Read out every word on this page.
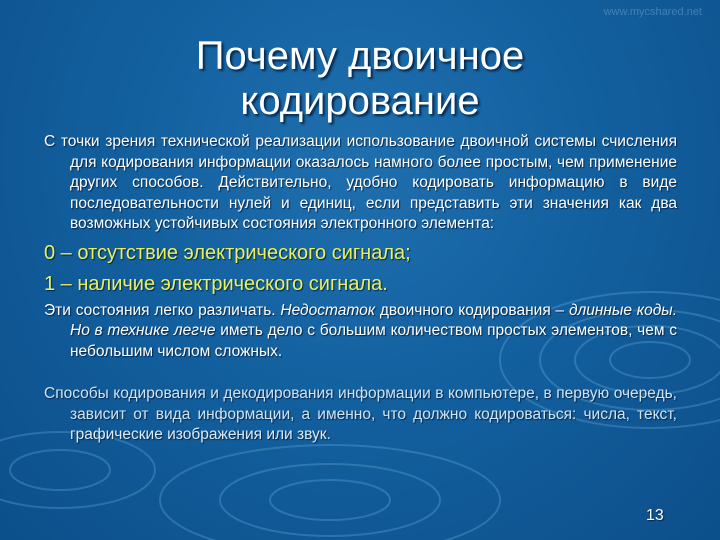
www.mycshared.net
Почему двоичное
кодирование

С точки зрения технической реализации использование двоичной системы счисления для кодирования информации оказалось намного более простым, чем применение других способов. Действительно, удобно кодировать информацию в виде последовательности нулей и единиц, если представить эти значения как два возможных устойчивых состояния электронного элемента:

0 – отсутствие электрического сигнала;

1 – наличие электрического сигнала.

Эти состояния легко различать. Недостаток двоичного кодирования – длинные коды. Но в технике легче иметь дело с большим количеством простых элементов, чем с небольшим числом сложных.

Способы кодирования и декодирования информации в компьютере, в первую очередь, зависит от вида информации, а именно, что должно кодироваться: числа, текст, графические изображения или звук.

13
